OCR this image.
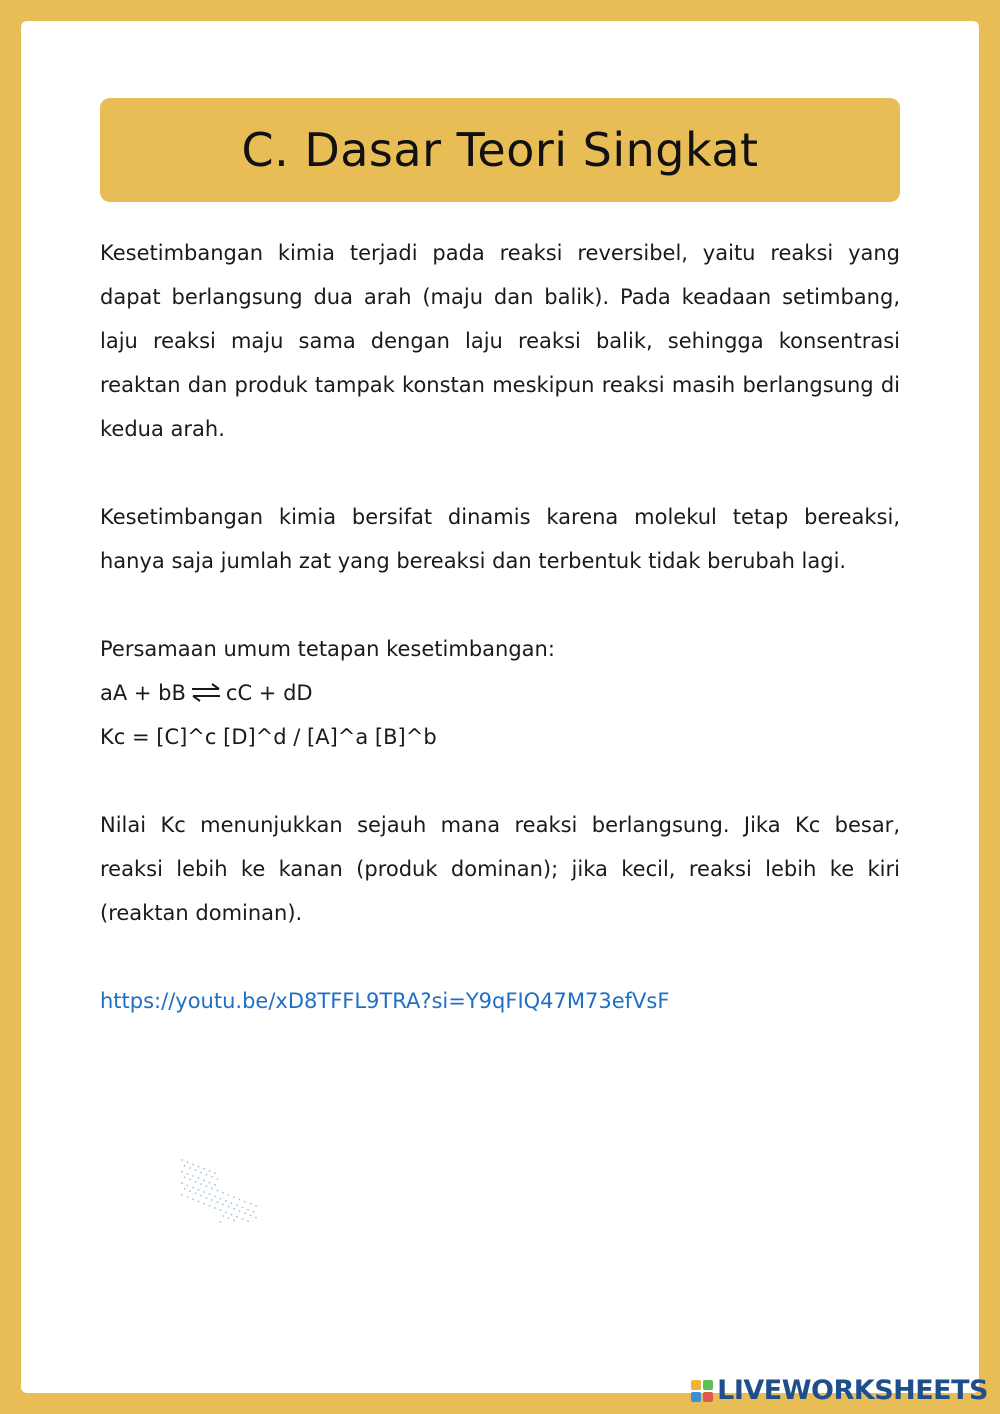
C. Dasar Teori Singkat

Kesetimbangan kimia terjadi pada reaksi reversibel, yaitu reaksi yang dapat berlangsung dua arah (maju dan balik). Pada keadaan setimbang, laju reaksi maju sama dengan laju reaksi balik, sehingga konsentrasi reaktan dan produk tampak konstan meskipun reaksi masih berlangsung di kedua arah.

Kesetimbangan kimia bersifat dinamis karena molekul tetap bereaksi, hanya saja jumlah zat yang bereaksi dan terbentuk tidak berubah lagi.

Persamaan umum tetapan kesetimbangan:
aA + bB ⇌ cC + dD
Kc = [C]^c [D]^d / [A]^a [B]^b

Nilai Kc menunjukkan sejauh mana reaksi berlangsung. Jika Kc besar, reaksi lebih ke kanan (produk dominan); jika kecil, reaksi lebih ke kiri (reaktan dominan).

https://youtu.be/xD8TFFL9TRA?si=Y9qFIQ47M73efVsF
LIVEWORKSHEETS
